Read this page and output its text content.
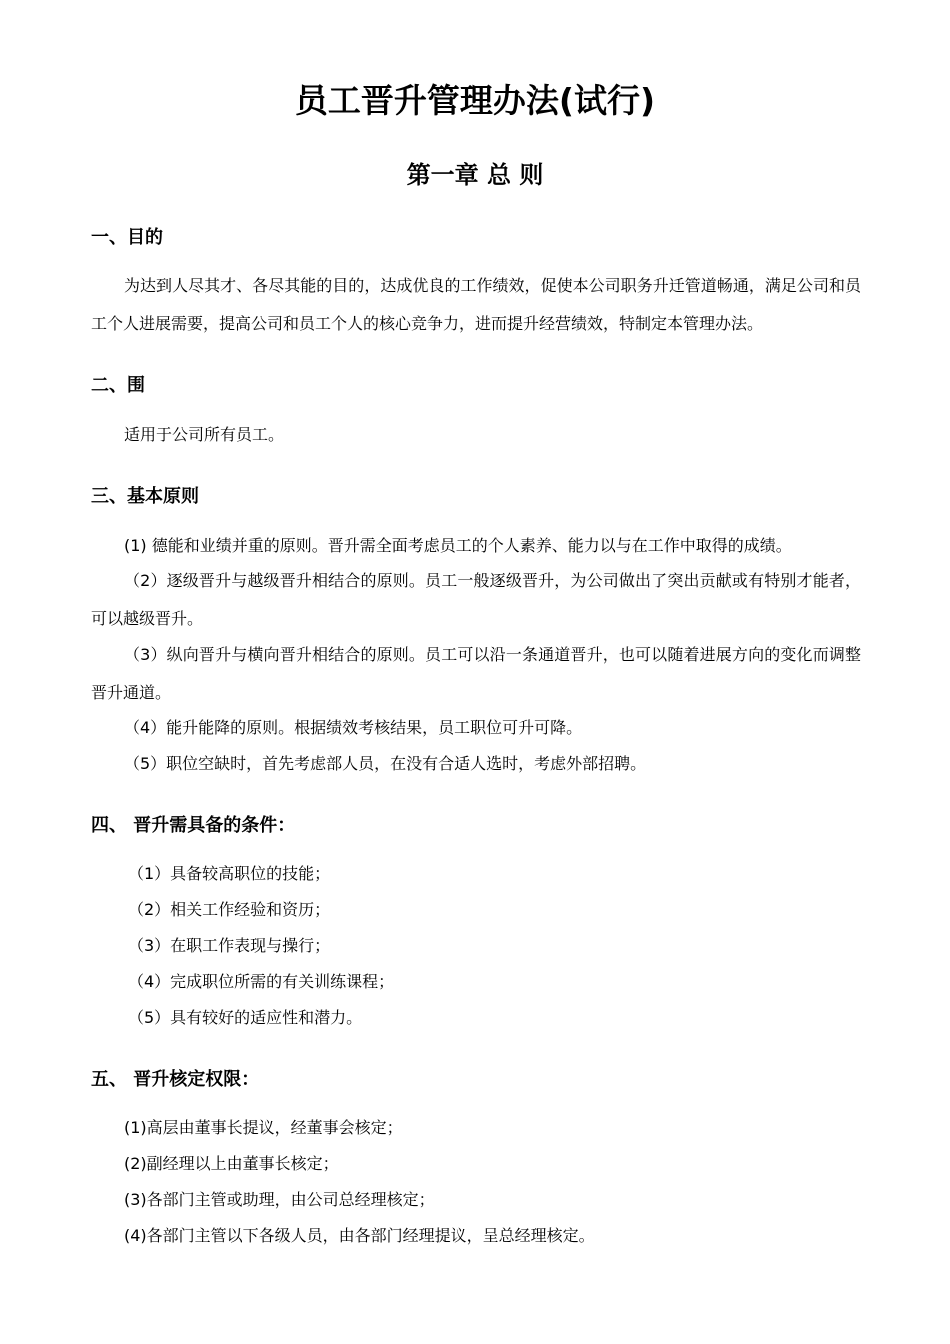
员工晋升管理办法(试行)
第一章 总 则
一、目的
为达到人尽其才、各尽其能的目的，达成优良的工作绩效，促使本公司职务升迁管道畅通，满足公司和员工个人进展需要，提高公司和员工个人的核心竞争力，进而提升经营绩效，特制定本管理办法。
二、围
适用于公司所有员工。
三、基本原则
(1) 德能和业绩并重的原则。晋升需全面考虑员工的个人素养、能力以与在工作中取得的成绩。
（2）逐级晋升与越级晋升相结合的原则。员工一般逐级晋升，为公司做出了突出贡献或有特别才能者，可以越级晋升。
（3）纵向晋升与横向晋升相结合的原则。员工可以沿一条通道晋升，也可以随着进展方向的变化而调整晋升通道。
（4）能升能降的原则。根据绩效考核结果，员工职位可升可降。
（5）职位空缺时，首先考虑部人员，在没有合适人选时，考虑外部招聘。
四、 晋升需具备的条件：
（1）具备较高职位的技能；
（2）相关工作经验和资历；
（3）在职工作表现与操行；
（4）完成职位所需的有关训练课程；
（5）具有较好的适应性和潜力。
五、 晋升核定权限：
(1)高层由董事长提议，经董事会核定；
(2)副经理以上由董事长核定；
(3)各部门主管或助理，由公司总经理核定；
(4)各部门主管以下各级人员，由各部门经理提议，呈总经理核定。
